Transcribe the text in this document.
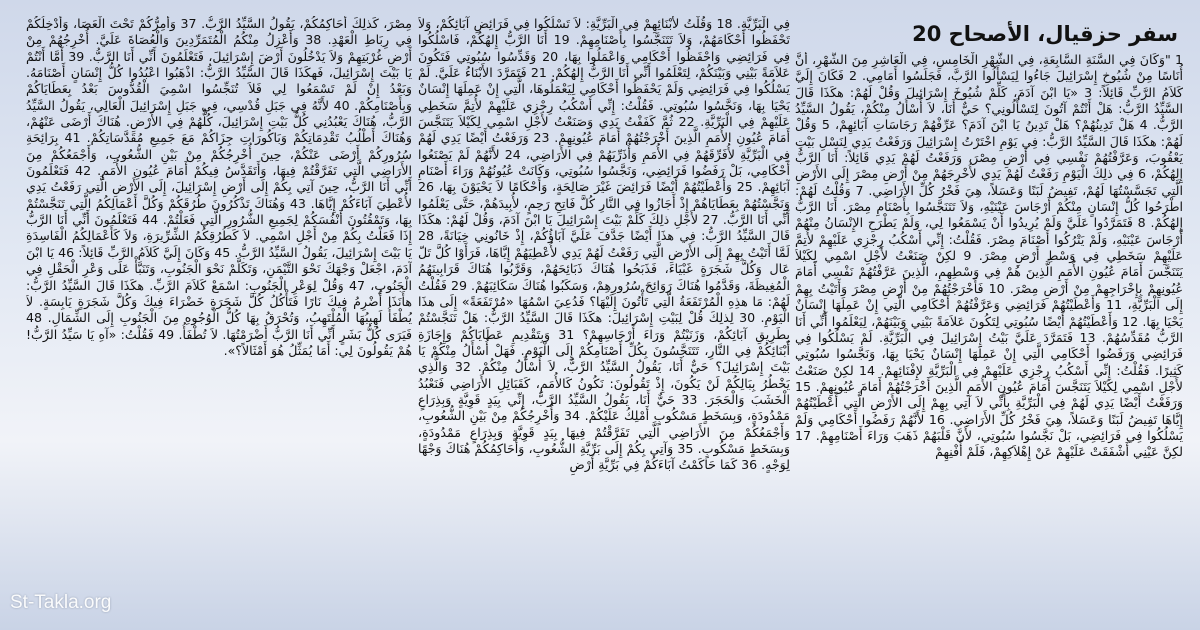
سفر حزقيال، الأصحاح 20
1 "وَكَانَ فِي السَّنَةِ السَّابِعَةِ، فِي الشَّهْرِ الْخَامِسِ، فِي الْعَاشِرِ مِنَ الشَّهْرِ، أَنَّ أُنَاسًا مِنْ شُيُوخِ إِسْرَائِيلَ جَاءُوا لِيَسْأَلُوا الرَّبَّ، فَجَلَسُوا أَمَامِي. 2 فَكَانَ إِلَيَّ كَلاَمُ الرَّبِّ قَائِلاً: 3 «يَا ابْنَ آدَمَ، كَلِّمْ شُيُوخَ إِسْرَائِيلَ وَقُلْ لَهُمْ: هكَذَا قَالَ السَّيِّدُ الرَّبُّ: هَلْ أَنْتُمْ آتُونَ لِتَسْأَلُونِي؟ حَيٌّ أَنَا، لاَ أُسْأَلُ مِنْكُمْ، يَقُولُ السَّيِّدُ الرَّبُّ. 4 هَلْ تَدِينُهُمْ؟ هَلْ تَدِينُ يَا ابْنَ آدَمَ؟ عَرِّفْهُمْ رَجَاسَاتِ آبَائِهِمْ، 5 وَقُلْ لَهُمْ: هكَذَا قَالَ السَّيِّدُ الرَّبُّ: فِي يَوْمِ اخْتَرْتُ إِسْرَائِيلَ وَرَفَعْتُ يَدِي لِنَسْلِ بَيْتِ يَعْقُوبَ، وَعَرَّفْتُهُمْ نَفْسِي فِي أَرْضِ مِصْرَ، وَرَفَعْتُ لَهُمْ يَدِي قَائِلاً: أَنَا الرَّبُّ إِلهُكُمْ، 6 فِي ذلِكَ الْيَوْمِ رَفَعْتُ لَهُمْ يَدِي لأُخْرِجَهُمْ مِنْ أَرْضِ مِصْرَ إِلَى الأَرْضِ الَّتِي تَجَسَّسْتُهَا لَهُمْ، تَفِيضُ لَبَنًا وَعَسَلاً، هِيَ فَخْرُ كُلِّ الأَرَاضِي. 7 وَقُلْتُ لَهُمْ: اطْرَحُوا كُلُّ إِنْسَانٍ مِنْكُمْ أَرْجَاسَ عَيْنَيْهِ، وَلاَ تَتَنَجَّسُوا بِأَصْنَامِ مِصْرَ. أَنَا الرَّبُّ إِلهُكُمْ. 8 فَتَمَرَّدُوا عَلَيَّ وَلَمْ يُرِيدُوا أَنْ يَسْمَعُوا لِي، وَلَمْ يَطْرَحِ الإِنْسَانُ مِنْهُمْ أَرْجَاسَ عَيْنَيْهِ، وَلَمْ يَتْرُكُوا أَصْنَامَ مِصْرَ. فَقُلْتُ: إِنِّي أَسْكُبُ رِجْزِي عَلَيْهِمْ لأُتِمَّ عَلَيْهِمْ سَخَطِي فِي وَسْطِ أَرْضِ مِصْرَ. 9 لكِنْ صَنَعْتُ لأَجْلِ اسْمِي لِكَيْلاَ يَتَنَجَّسَ أَمَامَ عُيُونِ الأُمَمِ الَّذِينَ هُمْ فِي وَسْطِهِمِ، الَّذِينَ عَرَّفْتُهُمْ نَفْسِي أَمَامَ عُيُونِهِمْ بِإِخْرَاجِهِمْ مِنْ أَرْضِ مِصْرَ. 10 فَأَخْرَجْتُهُمْ مِنْ أَرْضِ مِصْرَ وَأَتَيْتُ بِهِمْ إِلَى الْبَرِّيَّةِ، 11 وَأَعْطَيْتُهُمْ فَرَائِضِي وَعَرَّفْتُهُمْ أَحْكَامِي الَّتِي إِنْ عَمِلَهَا إِنْسَانٌ يَحْيَا بِهَا. 12 وَأَعْطَيْتُهُمْ أَيْضًا سُبُوتِي لِتَكُونَ عَلاَمَةً بَيْنِي وَبَيْنَهُمْ، لِيَعْلَمُوا أَنِّي أَنَا الرَّبُّ مُقَدِّسُهُمْ. 13 فَتَمَرَّدَ عَلَيَّ بَيْتُ إِسْرَائِيلَ فِي الْبَرِّيَّةِ. لَمْ يَسْلُكُوا فِي فَرَائِضِي وَرَفَضُوا أَحْكَامِي الَّتِي إِنْ عَمِلَهَا إِنْسَانٌ يَحْيَا بِهَا، وَنَجَّسُوا سُبُوتِي كَثِيرًا. فَقُلْتُ: إِنِّي أَسْكُبُ رِجْزِي عَلَيْهِمْ فِي الْبَرِّيَّةِ لإِفْنَائِهِمْ. 14 لكِنْ صَنَعْتُ لأَجْلِ اسْمِي لِكَيْلاَ يَتَنَجَّسَ أَمَامَ عُيُونِ الأُمَمِ الَّذِينَ أَخْرَجْتُهُمْ أَمَامَ عُيُونِهِمْ. 15 وَرَفَعْتُ أَيْضًا يَدِي لَهُمْ فِي الْبَرِّيَّةِ بِأَنِّي لاَ آتِي بِهِمْ إِلَى الأَرْضِ الَّتِي أَعْطَيْتُهُمْ إِيَّاهَا تَفِيضُ لَبَنًا وَعَسَلاً، هِيَ فَخْرُ كُلِّ الأَرَاضِي. 16 لأَنَّهُمْ رَفَضُوا أَحْكَامِي وَلَمْ يَسْلُكُوا فِي فَرَائِضِي، بَلْ نَجَّسُوا سُبُوتِي، لأَنَّ قَلْبَهُمْ ذَهَبَ وَرَاءَ أَصْنَامِهِمْ. 17 لكِنَّ عَيْنِي أَشْفَقَتْ عَلَيْهِمْ عَنْ إِهْلاَكِهِمْ، فَلَمْ أُفْنِهِمْ
فِي الْبَرِّيَّةِ. 18 وَقُلْتُ لأَبْنَائِهِمْ فِي الْبَرِّيَّةِ: لاَ تَسْلُكُوا فِي فَرَائِضِ آبَائِكُمْ، وَلاَ تَحْفَظُوا أَحْكَامَهُمْ، وَلاَ تَتَنَجَّسُوا بِأَصْنَامِهِمْ. 19 أَنَا الرَّبُّ إِلهُكُمْ، فَاسْلُكُوا فِي فَرَائِضِي وَاحْفَظُوا أَحْكَامِي وَاعْمَلُوا بِهَا، 20 وَقَدِّسُوا سُبُوتِي فَتَكُونَ عَلاَمَةً بَيْنِي وَبَيْنَكُمْ، لِتَعْلَمُوا أَنِّي أَنَا الرَّبُّ إِلهُكُمْ. 21 فَتَمَرَّدَ الأَبْنَاءُ عَلَيَّ. لَمْ يَسْلُكُوا فِي فَرَائِضِي وَلَمْ يَحْفَظُوا أَحْكَامِي لِيَعْمَلُوهَا، الَّتِي إِنْ عَمِلَهَا إِنْسَانٌ يَحْيَا بِهَا، وَنَجَّسُوا سُبُوتِي. فَقُلْتُ: إِنِّي أَسْكُبُ رِجْزِي عَلَيْهِمْ لأُتِمَّ سَخَطِي عَلَيْهِمْ فِي الْبَرِّيَّةِ. 22 ثُمَّ كَفَفْتُ يَدِي وَصَنَعْتُ لأَجْلِ اسْمِي لِكَيْلاَ يَتَنَجَّسَ أَمَامَ عُيُونِ الأُمَمِ الَّذِينَ أَخْرَجْتُهُمْ أَمَامَ عُيُونِهِمْ. 23 وَرَفَعْتُ أَيْضًا يَدِي لَهُمْ فِي الْبَرِّيَّةِ لأُفَرِّقَهُمْ فِي الأُمَمِ وَأُذَرِّيَهُمْ فِي الأَرَاضِي، 24 لأَنَّهُمْ لَمْ يَصْنَعُوا أَحْكَامِي، بَلْ رَفَضُوا فَرَائِضِي، وَنَجَّسُوا سُبُوتِي، وَكَانَتْ عُيُونُهُمْ وَرَاءَ أَصْنَامِ آبَائِهِمْ. 25 وَأَعْطَيْتُهُمْ أَيْضًا فَرَائِضَ غَيْرَ صَالِحَةٍ، وَأَحْكَامًا لاَ يَحْيَوْنَ بِهَا، 26 وَنَجَّسْتُهُمْ بِعَطَايَاهُمْ إِذْ أَجَازُوا فِي النَّارِ كُلَّ فَاتِحِ رَحِمٍ، لأُبِيدَهُمْ، حَتَّى يَعْلَمُوا أَنِّي أَنَا الرَّبُّ. 27 لأَجْلِ ذلِكَ كَلِّمْ بَيْتَ إِسْرَائِيلَ يَا ابْنَ آدَمَ، وَقُلْ لَهُمْ: هكَذَا قَالَ السَّيِّدُ الرَّبُّ: فِي هذَا أَيْضًا جَدَّفَ عَلَيَّ آبَاؤُكُمْ، إِذْ خَانُونِي خِيَانَةً، 28 لَمَّا أَتَيْتُ بِهِمْ إِلَى الأَرْضِ الَّتِي رَفَعْتُ لَهُمْ يَدِي لأُعْطِيَهُمْ إِيَّاهَا، فَرَأَوْا كُلَّ تَلّ عَال وَكُلَّ شَجَرَةٍ غَبْيَاءَ، فَذَبَحُوا هُنَاكَ ذَبَائِحَهُمْ، وَقَرَّبُوا هُنَاكَ قَرَابِينَهُمُ الْمُغِيظَةَ، وَقَدَّمُوا هُنَاكَ رَوَائِحَ سُرُورِهِمْ، وَسَكَبُوا هُنَاكَ سَكَائِبَهُمْ. 29 فَقُلْتُ لَهُمْ: مَا هذِهِ الْمُرْتَفَعَةُ الَّتِي تَأْتُونَ إِلَيْهَا؟ فَدُعِيَ اسْمُهَا «مُرْتَفَعَةً» إِلَى هذَا الْيَوْمِ. 30 لِذلِكَ قُلْ لِبَيْتِ إِسْرَائِيلَ: هكَذَا قَالَ السَّيِّدُ الرَّبُّ: هَلْ تَنَجَّسْتُمْ بِطَرِيقِ آبَائِكُمْ، وَزَنَيْتُمْ وَرَاءَ أَرْجَاسِهِمْ؟ 31 وَبِتَقْدِيمِ عَطَايَاكُمْ وَإِجَازَةِ أَبْنَائِكُمْ فِي النَّارِ، تَتَنَجَّسُونَ بِكُلِّ أَصْنَامِكُمْ إِلَى الْيَوْمِ. فَهَلْ أُسْأَلُ مِنْكُمْ يَا بَيْتَ إِسْرَائِيلَ؟ حَيٌّ أَنَا، يَقُولُ السَّيِّدُ الرَّبُّ، لاَ أُسْأَلُ مِنْكُمْ. 32 وَالَّذِي يَخْطُرُ بِبَالِكُمْ لَنْ يَكُونَ، إِذْ تَقُولُونَ: نَكُونُ كَالأُمَمِ، كَقَبَائِلِ الأَرَاضِي فَنَعْبُدُ الْخَشَبَ وَالْحَجَرَ. 33 حَيٌّ أَنَا، يَقُولُ السَّيِّدُ الرَّبُّ، إِنِّي بِيَدٍ قَوِيَّةٍ وَبِذِرَاعٍ مَمْدُودَةٍ، وَبِسَخَطٍ مَسْكُوبٍ أَمْلِكُ عَلَيْكُمْ. 34 وَأُخْرِجُكُمْ مِنْ بَيْنِ الشُّعُوبِ، وَأَجْمَعُكُمْ مِنَ الأَرَاضِي الَّتِي تَفَرَّقْتُمْ فِيهَا بِيَدٍ قَوِيَّةٍ وَبِذِرَاعٍ مَمْدُودَةٍ، وَبِسَخَطٍ مَسْكُوبٍ. 35 وَآتِي بِكُمْ إِلَى بَرِّيَّةِ الشُّعُوبِ، وَأُحَاكِمُكُمْ هُنَاكَ وَجْهًا لِوَجْهٍ. 36 كَمَا حَاكَمْتُ آبَاءَكُمْ فِي بَرِّيَّةِ أَرْضِ
مِصْرَ، كَذلِكَ أُحَاكِمُكُمْ، يَقُولُ السَّيِّدُ الرَّبُّ. 37 وَأُمِرُّكُمْ تَحْتَ الْعَصَا، وَأُدْخِلُكُمْ فِي رِبَاطِ الْعَهْدِ. 38 وَأَعْزِلُ مِنْكُمُ الْمُتَمَرِّدِينَ وَالْعُصَاةَ عَلَيَّ. أُخْرِجُهُمْ مِنْ أَرْضِ غُرْبَتِهِمْ وَلاَ يَدْخُلُونَ أَرْضَ إِسْرَائِيلَ، فَتَعْلَمُونَ أَنِّي أَنَا الرَّبُّ. 39 أَمَّا أَنْتُمْ يَا بَيْتَ إِسْرَائِيلَ، فَهكَذَا قَالَ السَّيِّدُ الرَّبُّ: اذْهَبُوا اعْبُدُوا كُلُّ إِنْسَانٍ أَصْنَامَهُ. وَبَعْدُ إِنْ لَمْ تَسْمَعُوا لِي فَلاَ تُنَجِّسُوا اسْمِيَ الْقُدُّوسَ بَعْدُ بِعَطَايَاكُمْ وَبِأَصْنَامِكُمْ. 40 لأَنَّهُ فِي جَبَلِ قُدْسِي، فِي جَبَلِ إِسْرَائِيلَ الْعَالِي، يَقُولُ السَّيِّدُ الرَّبُّ، هُنَاكَ يَعْبُدُنِي كُلُّ بَيْتِ إِسْرَائِيلَ، كُلُّهُمْ فِي الأَرْضِ. هُنَاكَ أَرْضَى عَنْهُمْ، وَهُنَاكَ أَطْلُبُ تَقْدِمَاتِكُمْ وَبَاكُورَاتِ جِزَاكُمْ مَعَ جَمِيعِ مُقَدَّسَاتِكُمْ. 41 بِرَائِحَةِ سُرُورِكُمْ أَرْضَى عَنْكُمْ، حِينَ أُخْرِجُكُمْ مِنْ بَيْنِ الشُّعُوبِ، وَأَجْمَعُكُمْ مِنَ الأَرَاضِي الَّتِي تَفَرَّقْتُمْ فِيهَا، وَأَتَقَدَّسُ فِيكُمْ أَمَامَ عُيُونِ الأُمَمِ. 42 فَتَعْلَمُونَ أَنِّي أَنَا الرَّبُّ، حِينَ آتِي بِكُمْ إِلَى أَرْضِ إِسْرَائِيلَ، إِلَى الأَرْضِ الَّتِي رَفَعْتُ يَدِي لأُعْطِيَ آبَاءَكُمْ إِيَّاهَا. 43 وَهُنَاكَ تَذْكُرُونَ طُرُقَكُمْ وَكُلَّ أَعْمَالِكُمُ الَّتِي تَنَجَّسْتُمْ بِهَا، وَتَمْقُتُونَ أَنْفُسَكُمْ لِجَمِيعِ الشُّرُورِ الَّتِي فَعَلْتُمْ. 44 فَتَعْلَمُونَ أَنِّي أَنَا الرَّبُّ إِذَا فَعَلْتُ بِكُمْ مِنْ أَجْلِ اسْمِي. لاَ كَطُرُقِكُمُ الشِّرِّيرَةِ، وَلاَ كَأَعْمَالِكُمُ الْفَاسِدَةِ يَا بَيْتَ إِسْرَائِيلَ، يَقُولُ السَّيِّدُ الرَّبُّ. 45 وَكَانَ إِلَيَّ كَلاَمُ الرَّبِّ قَائِلاً: 46 يَا ابْنَ آدَمَ، اجْعَلْ وَجْهَكَ نَحْوَ التَّيْمَنِ، وَتَكَلَّمْ نَحْوَ الْجَنُوبِ، وَتَنَبَّأْ عَلَى وَعْرِ الْحَقْلِ فِي الْجَنُوبِ، 47 وَقُلْ لِوَعْرِ الْجَنُوبِ: اسْمَعْ كَلاَمَ الرَّبِّ. هكَذَا قَالَ السَّيِّدُ الرَّبُّ: هأَنَذَا أُضْرِمُ فِيكَ نَارًا فَتَأْكُلُ كُلَّ شَجَرَةٍ خَضْرَاءَ فِيكَ وَكُلَّ شَجَرَةٍ يَابِسَةٍ. لاَ يُطْفَأُ لَهِيبُهَا الْمُلْتَهِبُ، وَتُحْرَقُ بِهَا كُلُّ الْوُجُوهِ مِنَ الْجَنُوبِ إِلَى الشِّمَالِ. 48 فَيَرَى كُلُّ بَشَرٍ أَنِّي أَنَا الرَّبُّ أَضْرَمْتُهَا. لاَ تُطْفَأُ. 49 فَقُلْتُ: «آهِ يَا سَيِّدُ الرَّبُّ! هُمْ يَقُولُونَ لِي: أَمَا يُمَثِّلُ هُوَ أَمْثَالاً؟».
St-Takla.org
